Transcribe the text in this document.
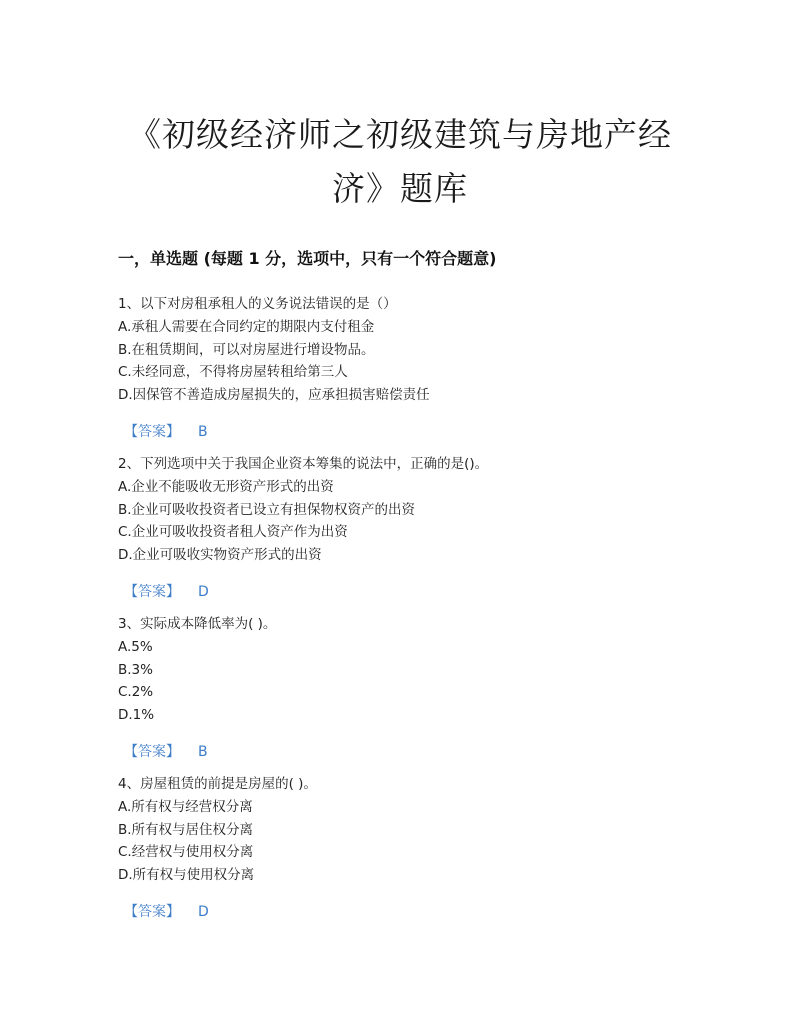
《初级经济师之初级建筑与房地产经
济》题库
一，单选题 (每题 1 分，选项中，只有一个符合题意)
1、以下对房租承租人的义务说法错误的是（）
A.承租人需要在合同约定的期限内支付租金
B.在租赁期间，可以对房屋进行增设物品。
C.未经同意，不得将房屋转租给第三人
D.因保管不善造成房屋损失的，应承担损害赔偿责任
【答案】 B
2、下列选项中关于我国企业资本筹集的说法中，正确的是()。
A.企业不能吸收无形资产形式的出资
B.企业可吸收投资者已设立有担保物权资产的出资
C.企业可吸收投资者租人资产作为出资
D.企业可吸收实物资产形式的出资
【答案】 D
3、实际成本降低率为( )。
A.5%
B.3%
C.2%
D.1%
【答案】 B
4、房屋租赁的前提是房屋的( )。
A.所有权与经营权分离
B.所有权与居住权分离
C.经营权与使用权分离
D.所有权与使用权分离
【答案】 D
